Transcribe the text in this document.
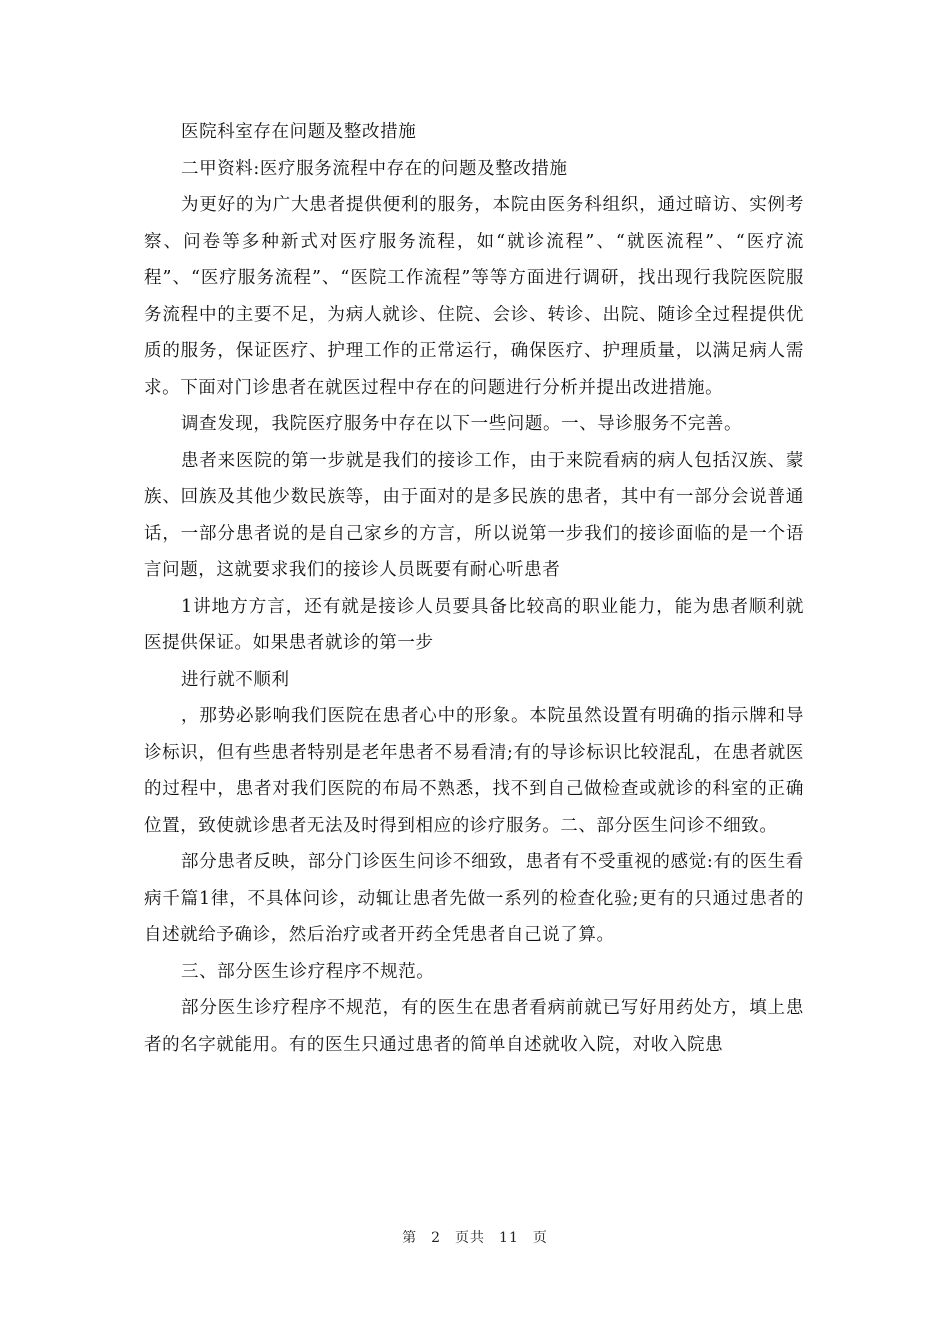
医院科室存在问题及整改措施

二甲资料:医疗服务流程中存在的问题及整改措施

为更好的为广大患者提供便利的服务，本院由医务科组织，通过暗访、实例考察、问卷等多种新式对医疗服务流程，如“就诊流程”、“就医流程”、“医疗流程”、“医疗服务流程”、“医院工作流程”等等方面进行调研，找出现行我院医院服务流程中的主要不足，为病人就诊、住院、会诊、转诊、出院、随诊全过程提供优质的服务，保证医疗、护理工作的正常运行，确保医疗、护理质量，以满足病人需求。下面对门诊患者在就医过程中存在的问题进行分析并提出改进措施。

调查发现，我院医疗服务中存在以下一些问题。一、导诊服务不完善。

患者来医院的第一步就是我们的接诊工作，由于来院看病的病人包括汉族、蒙族、回族及其他少数民族等，由于面对的是多民族的患者，其中有一部分会说普通话，一部分患者说的是自己家乡的方言，所以说第一步我们的接诊面临的是一个语言问题，这就要求我们的接诊人员既要有耐心听患者

1讲地方方言，还有就是接诊人员要具备比较高的职业能力，能为患者顺利就医提供保证。如果患者就诊的第一步

进行就不顺利

，那势必影响我们医院在患者心中的形象。本院虽然设置有明确的指示牌和导诊标识，但有些患者特别是老年患者不易看清;有的导诊标识比较混乱，在患者就医的过程中，患者对我们医院的布局不熟悉，找不到自己做检查或就诊的科室的正确位置，致使就诊患者无法及时得到相应的诊疗服务。二、部分医生问诊不细致。

部分患者反映，部分门诊医生问诊不细致，患者有不受重视的感觉:有的医生看病千篇1律，不具体问诊，动辄让患者先做一系列的检查化验;更有的只通过患者的自述就给予确诊，然后治疗或者开药全凭患者自己说了算。

三、部分医生诊疗程序不规范。

部分医生诊疗程序不规范，有的医生在患者看病前就已写好用药处方，填上患者的名字就能用。有的医生只通过患者的简单自述就收入院，对收入院患

第 2 页共 11 页
